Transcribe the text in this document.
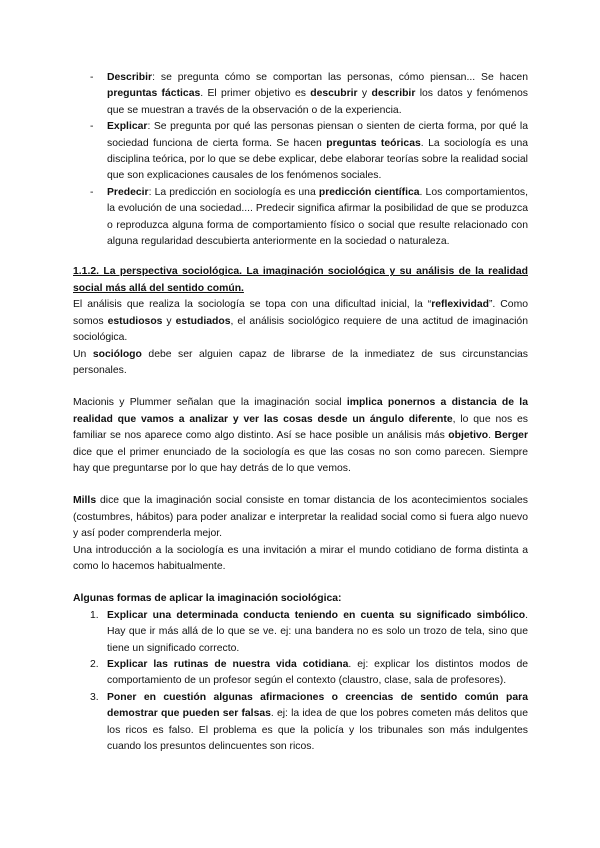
- Describir: se pregunta cómo se comportan las personas, cómo piensan... Se hacen preguntas fácticas. El primer objetivo es descubrir y describir los datos y fenómenos que se muestran a través de la observación o de la experiencia.
- Explicar: Se pregunta por qué las personas piensan o sienten de cierta forma, por qué la sociedad funciona de cierta forma. Se hacen preguntas teóricas. La sociología es una disciplina teórica, por lo que se debe explicar, debe elaborar teorías sobre la realidad social que son explicaciones causales de los fenómenos sociales.
- Predecir: La predicción en sociología es una predicción científica. Los comportamientos, la evolución de una sociedad.... Predecir significa afirmar la posibilidad de que se produzca o reproduzca alguna forma de comportamiento físico o social que resulte relacionado con alguna regularidad descubierta anteriormente en la sociedad o naturaleza.
1.1.2. La perspectiva sociológica. La imaginación sociológica y su análisis de la realidad social más allá del sentido común.

El análisis que realiza la sociología se topa con una dificultad inicial, la “reflexividad”. Como somos estudiosos y estudiados, el análisis sociológico requiere de una actitud de imaginación sociológica.

Un sociólogo debe ser alguien capaz de librarse de la inmediatez de sus circunstancias personales.

Macionis y Plummer señalan que la imaginación social implica ponernos a distancia de la realidad que vamos a analizar y ver las cosas desde un ángulo diferente, lo que nos es familiar se nos aparece como algo distinto. Así se hace posible un análisis más objetivo. Berger dice que el primer enunciado de la sociología es que las cosas no son como parecen. Siempre hay que preguntarse por lo que hay detrás de lo que vemos.

Mills dice que la imaginación social consiste en tomar distancia de los acontecimientos sociales (costumbres, hábitos) para poder analizar e interpretar la realidad social como si fuera algo nuevo y así poder comprenderla mejor.

Una introducción a la sociología es una invitación a mirar el mundo cotidiano de forma distinta a como lo hacemos habitualmente.

Algunas formas de aplicar la imaginación sociológica:

1. Explicar una determinada conducta teniendo en cuenta su significado simbólico. Hay que ir más allá de lo que se ve. ej: una bandera no es solo un trozo de tela, sino que tiene un significado correcto.
2. Explicar las rutinas de nuestra vida cotidiana. ej: explicar los distintos modos de comportamiento de un profesor según el contexto (claustro, clase, sala de profesores).
3. Poner en cuestión algunas afirmaciones o creencias de sentido común para demostrar que pueden ser falsas. ej: la idea de que los pobres cometen más delitos que los ricos es falso. El problema es que la policía y los tribunales son más indulgentes cuando los presuntos delincuentes son ricos.
